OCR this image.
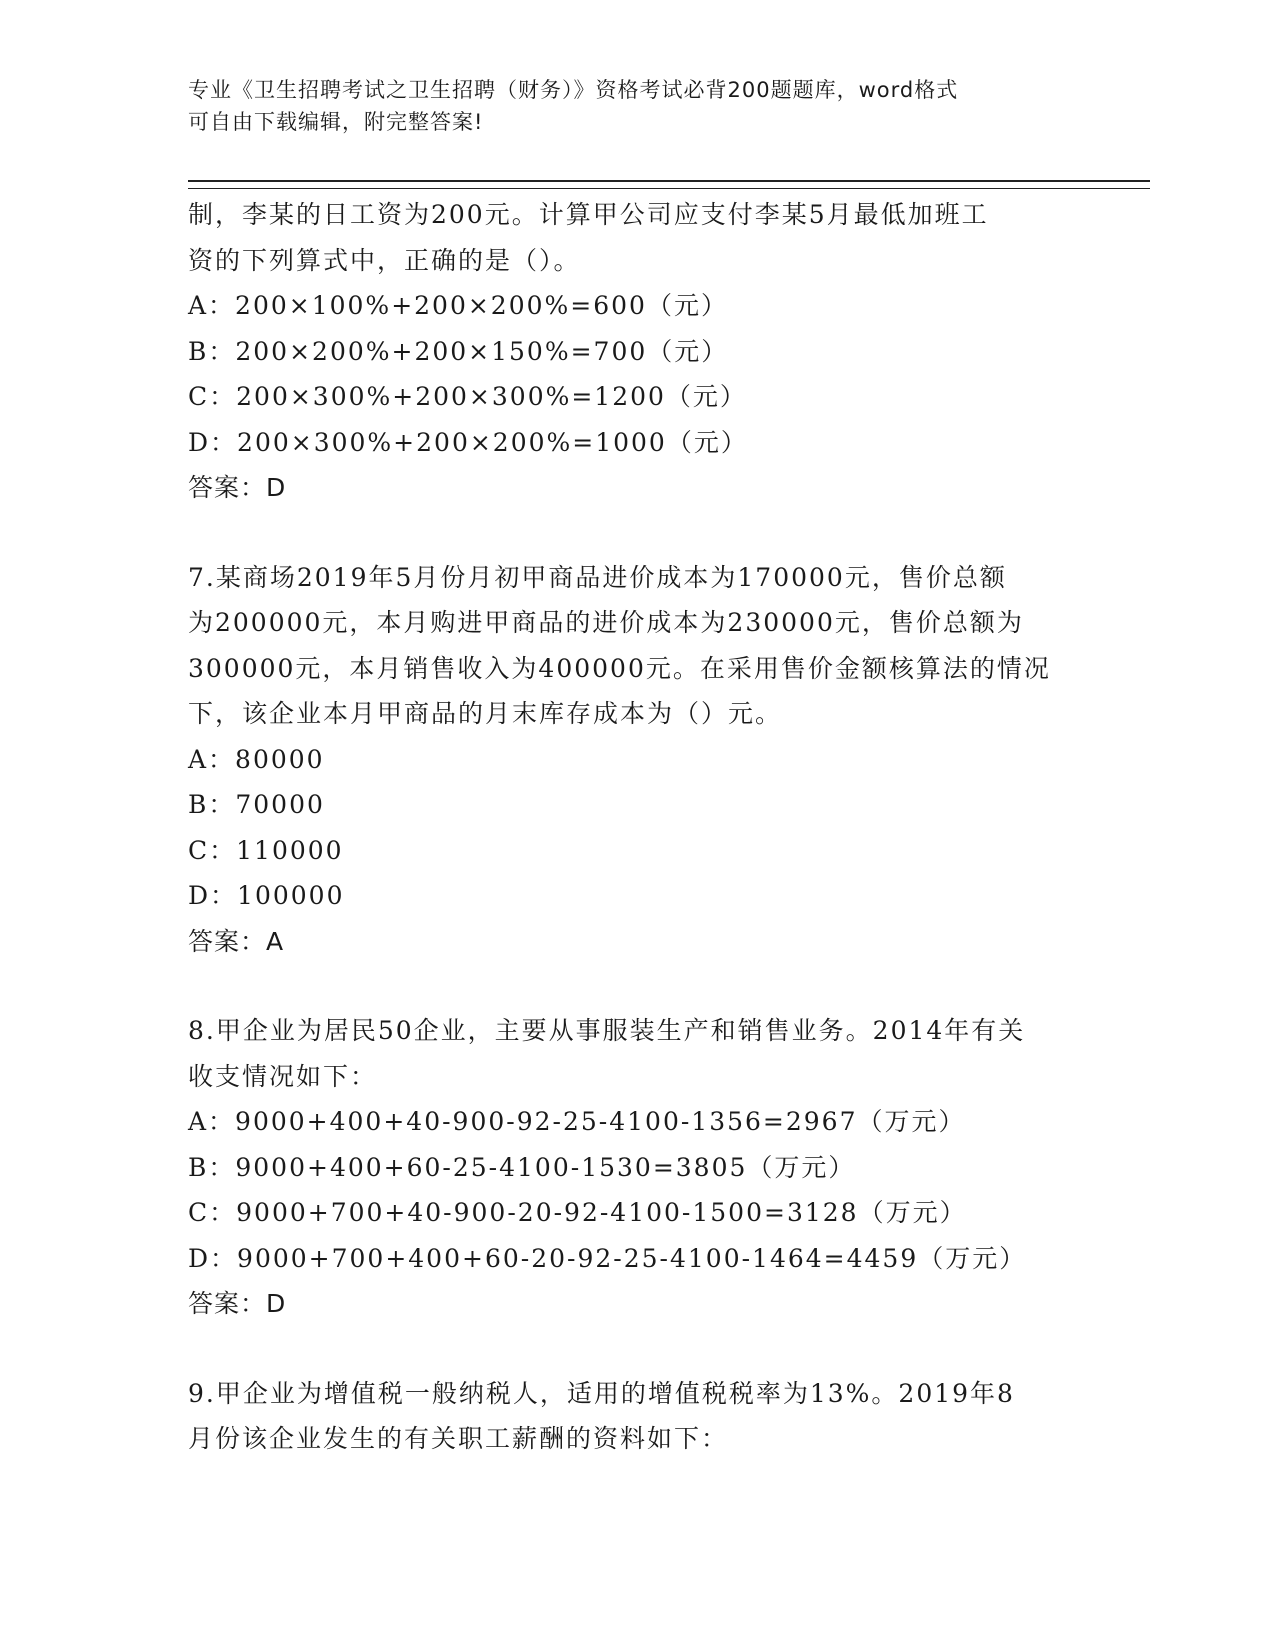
专业《卫生招聘考试之卫生招聘（财务）》资格考试必背200题题库，word格式
可自由下载编辑，附完整答案!
制，李某的日工资为200元。计算甲公司应支付李某5月最低加班工
资的下列算式中，正确的是（）。
A：200×100%+200×200%=600（元）
B：200×200%+200×150%=700（元）
C：200×300%+200×300%=1200（元）
D：200×300%+200×200%=1000（元）
答案：D
7.某商场2019年5月份月初甲商品进价成本为170000元，售价总额
为200000元，本月购进甲商品的进价成本为230000元，售价总额为
300000元，本月销售收入为400000元。在采用售价金额核算法的情况
下，该企业本月甲商品的月末库存成本为（）元。
A：80000
B：70000
C：110000
D：100000
答案：A
8.甲企业为居民50企业，主要从事服装生产和销售业务。2014年有关
收支情况如下：
A：9000+400+40-900-92-25-4100-1356=2967（万元）
B：9000+400+60-25-4100-1530=3805（万元）
C：9000+700+40-900-20-92-4100-1500=3128（万元）
D：9000+700+400+60-20-92-25-4100-1464=4459（万元）
答案：D
9.甲企业为增值税一般纳税人，适用的增值税税率为13%。2019年8
月份该企业发生的有关职工薪酬的资料如下：
